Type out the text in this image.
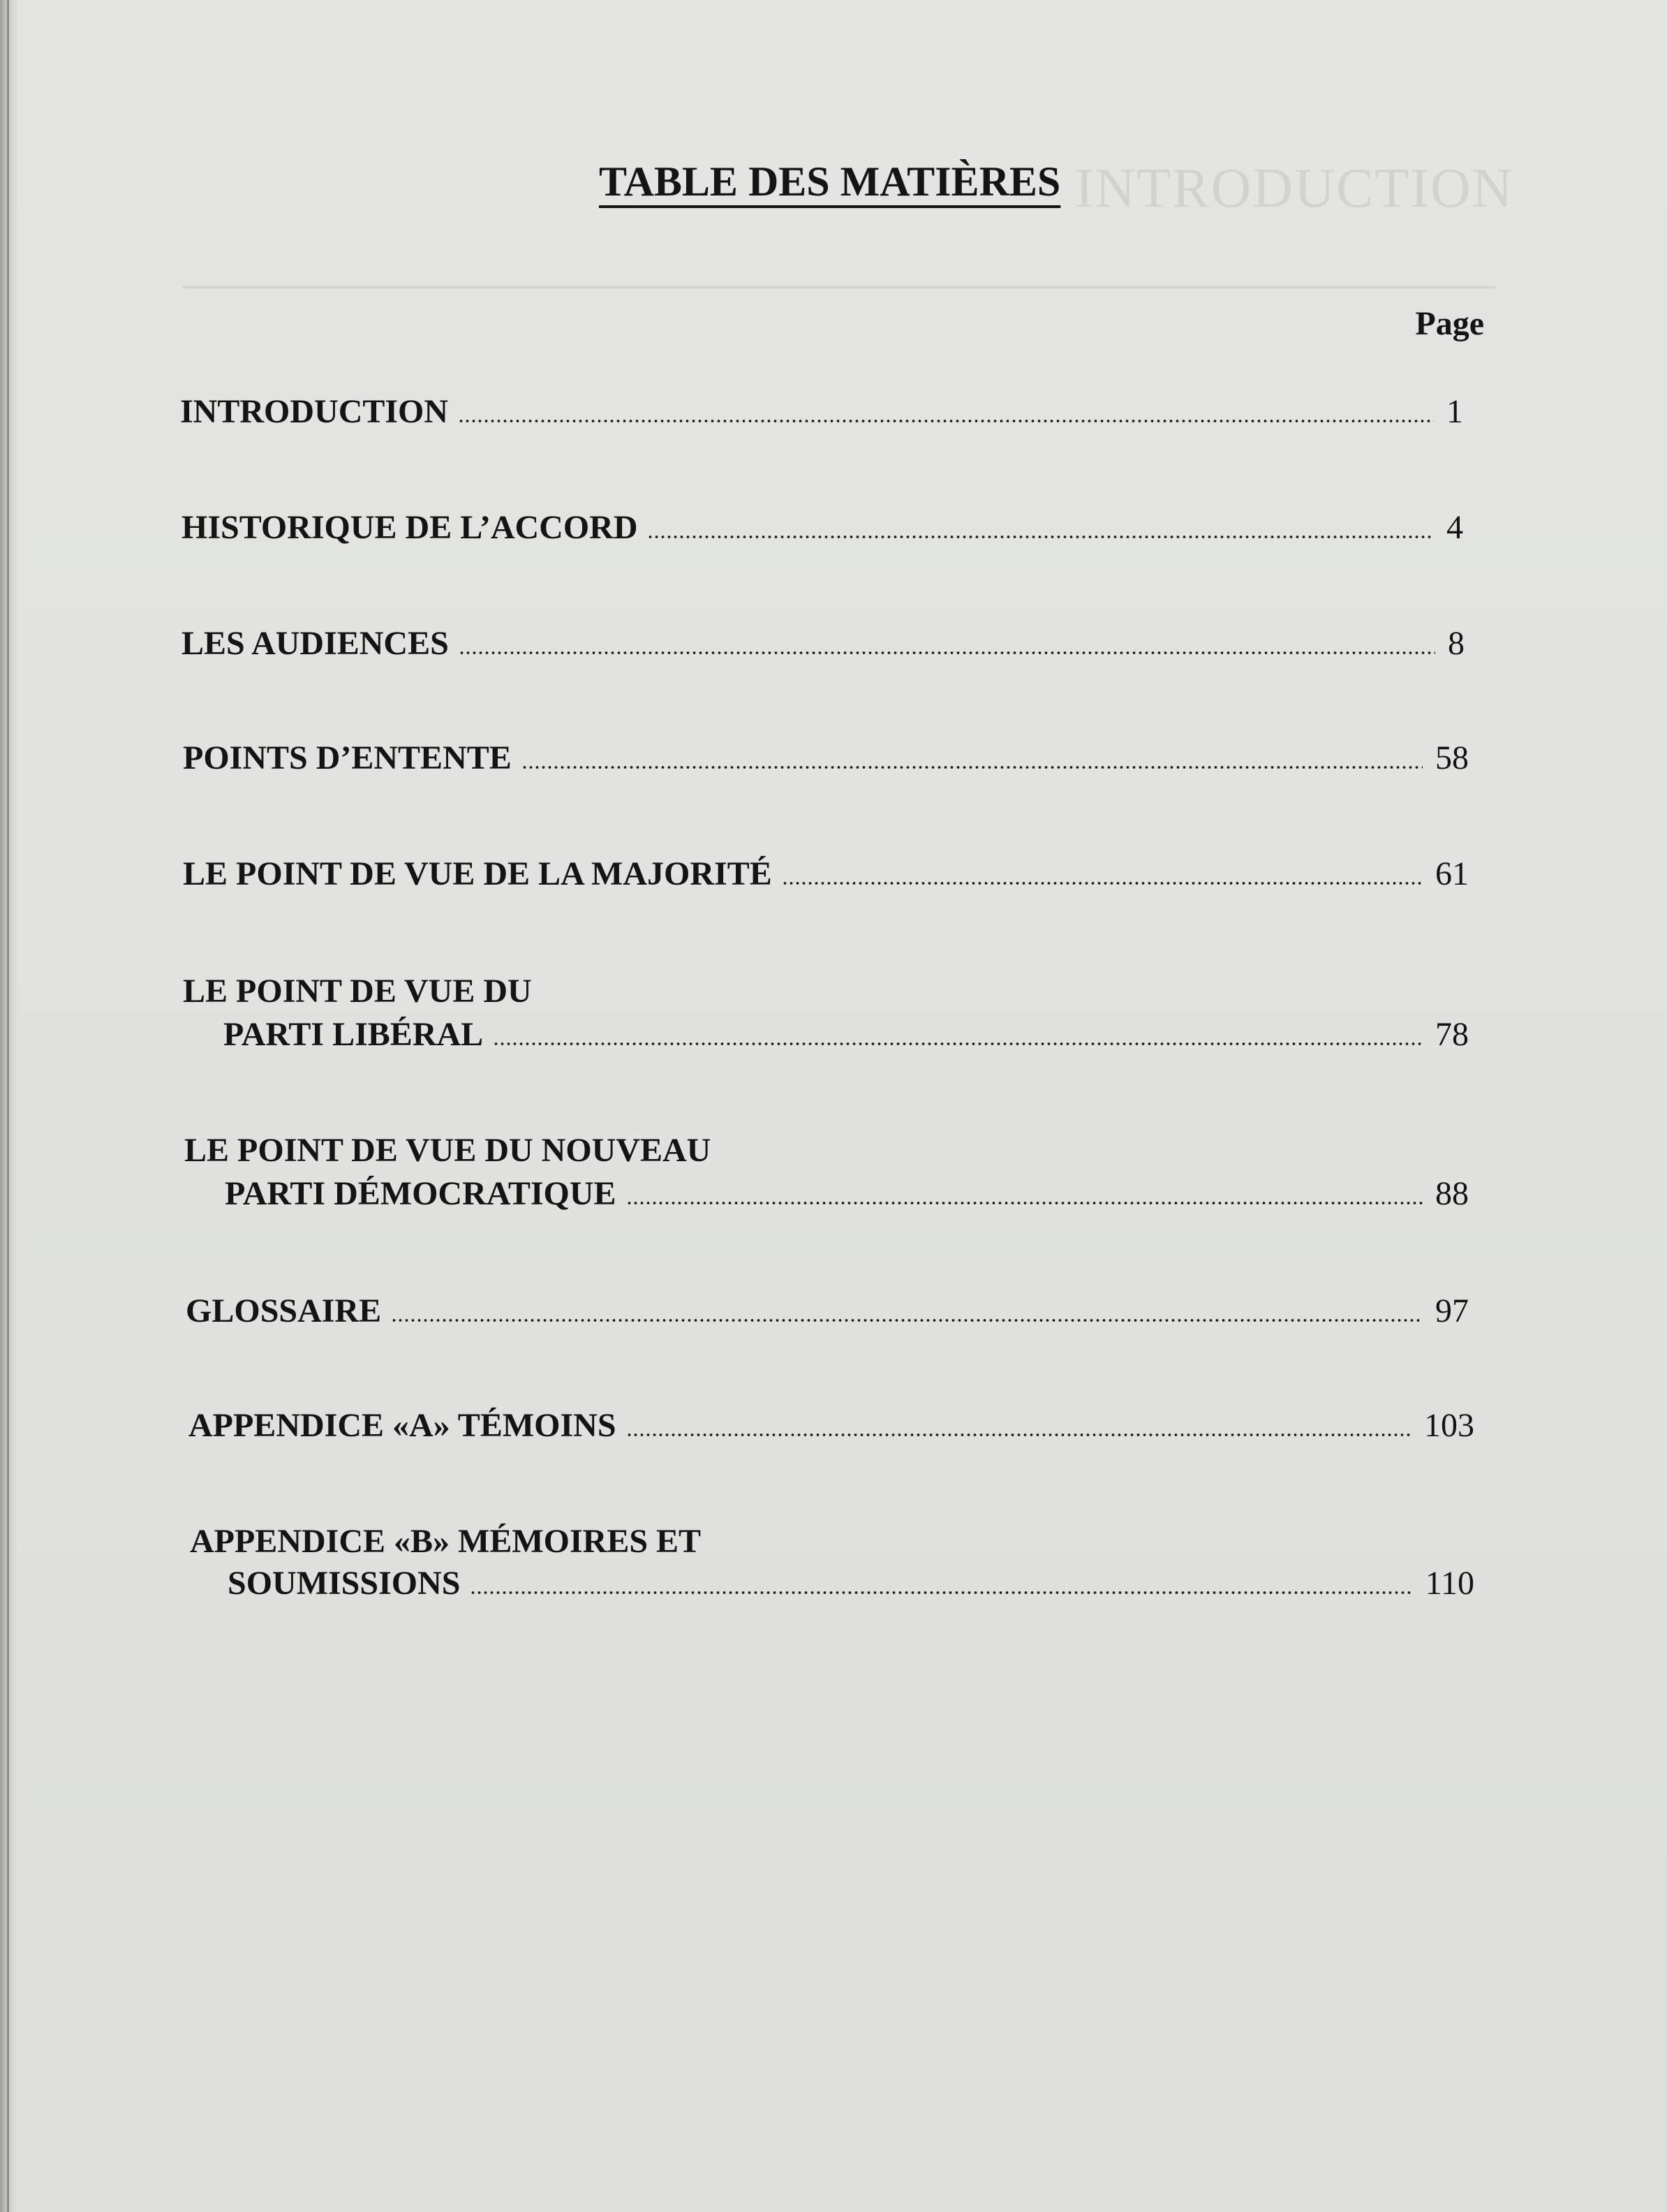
INTRODUCTION
TABLE DES MATIÈRES
Page
INTRODUCTION	1
HISTORIQUE DE L’ACCORD	4
LES AUDIENCES	8
POINTS D’ENTENTE	58
LE POINT DE VUE DE LA MAJORITÉ	61
LE POINT DE VUE DU
PARTI LIBÉRAL	78
LE POINT DE VUE DU NOUVEAU
PARTI DÉMOCRATIQUE	88
GLOSSAIRE	97
APPENDICE «A» TÉMOINS	103
APPENDICE «B» MÉMOIRES ET
SOUMISSIONS	110
